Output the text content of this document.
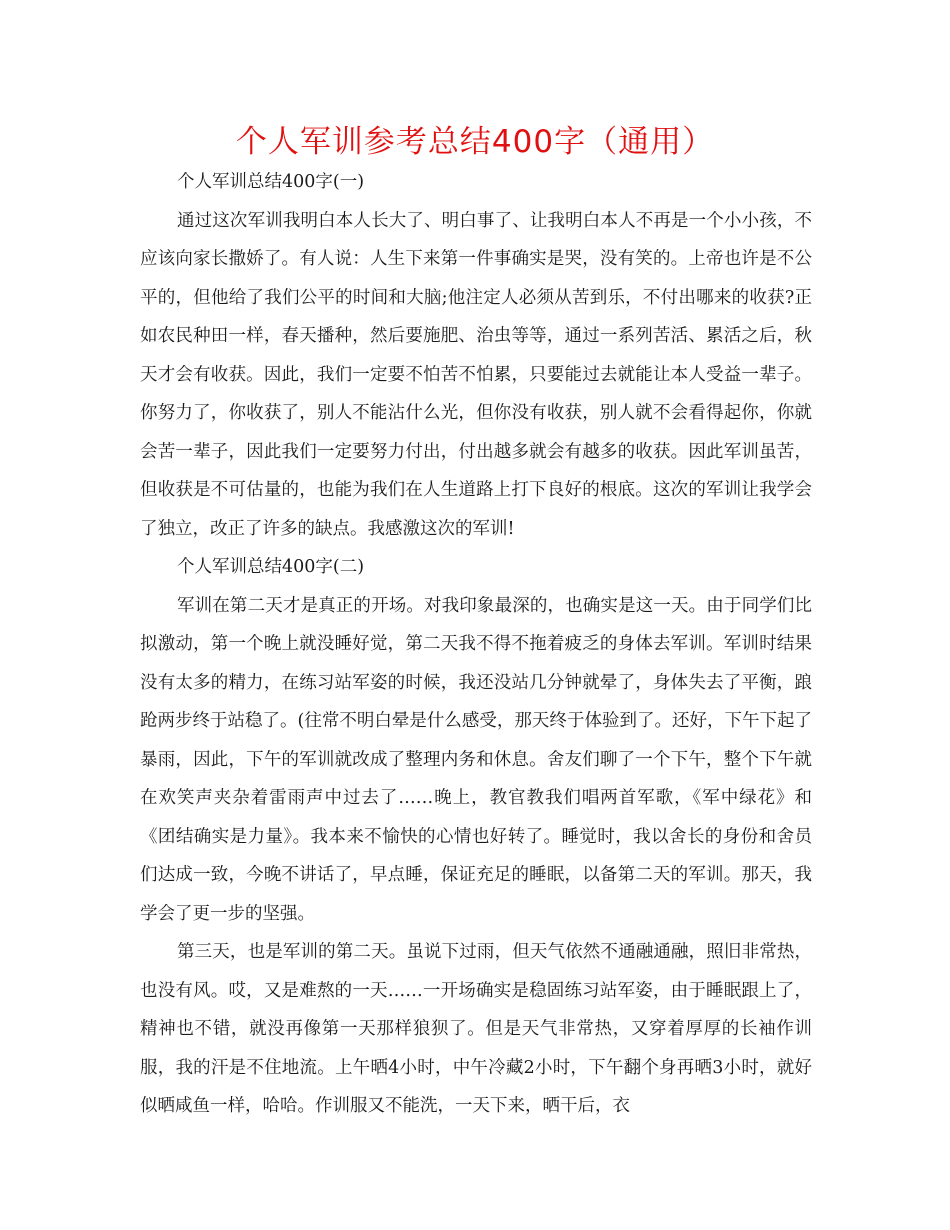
个人军训参考总结400字（通用）

个人军训总结400字(一)

通过这次军训我明白本人长大了、明白事了、让我明白本人不再是一个小小孩，不应该向家长撒娇了。有人说：人生下来第一件事确实是哭，没有笑的。上帝也许是不公平的，但他给了我们公平的时间和大脑;他注定人必须从苦到乐，不付出哪来的收获?正如农民种田一样，春天播种，然后要施肥、治虫等等，通过一系列苦活、累活之后，秋天才会有收获。因此，我们一定要不怕苦不怕累，只要能过去就能让本人受益一辈子。你努力了，你收获了，别人不能沾什么光，但你没有收获，别人就不会看得起你，你就会苦一辈子，因此我们一定要努力付出，付出越多就会有越多的收获。因此军训虽苦，但收获是不可估量的，也能为我们在人生道路上打下良好的根底。这次的军训让我学会了独立，改正了许多的缺点。我感激这次的军训!

个人军训总结400字(二)

军训在第二天才是真正的开场。对我印象最深的，也确实是这一天。由于同学们比拟激动，第一个晚上就没睡好觉，第二天我不得不拖着疲乏的身体去军训。军训时结果没有太多的精力，在练习站军姿的时候，我还没站几分钟就晕了，身体失去了平衡，踉跄两步终于站稳了。(往常不明白晕是什么感受，那天终于体验到了。还好，下午下起了暴雨，因此，下午的军训就改成了整理内务和休息。舍友们聊了一个下午，整个下午就在欢笑声夹杂着雷雨声中过去了……晚上，教官教我们唱两首军歌，《军中绿花》和《团结确实是力量》。我本来不愉快的心情也好转了。睡觉时，我以舍长的身份和舍员们达成一致，今晚不讲话了，早点睡，保证充足的睡眠，以备第二天的军训。那天，我学会了更一步的坚强。

第三天，也是军训的第二天。虽说下过雨，但天气依然不通融通融，照旧非常热，也没有风。哎，又是难熬的一天……一开场确实是稳固练习站军姿，由于睡眠跟上了，精神也不错，就没再像第一天那样狼狈了。但是天气非常热，又穿着厚厚的长袖作训服，我的汗是不住地流。上午晒4小时，中午冷藏2小时，下午翻个身再晒3小时，就好似晒咸鱼一样，哈哈。作训服又不能洗，一天下来，晒干后，衣
